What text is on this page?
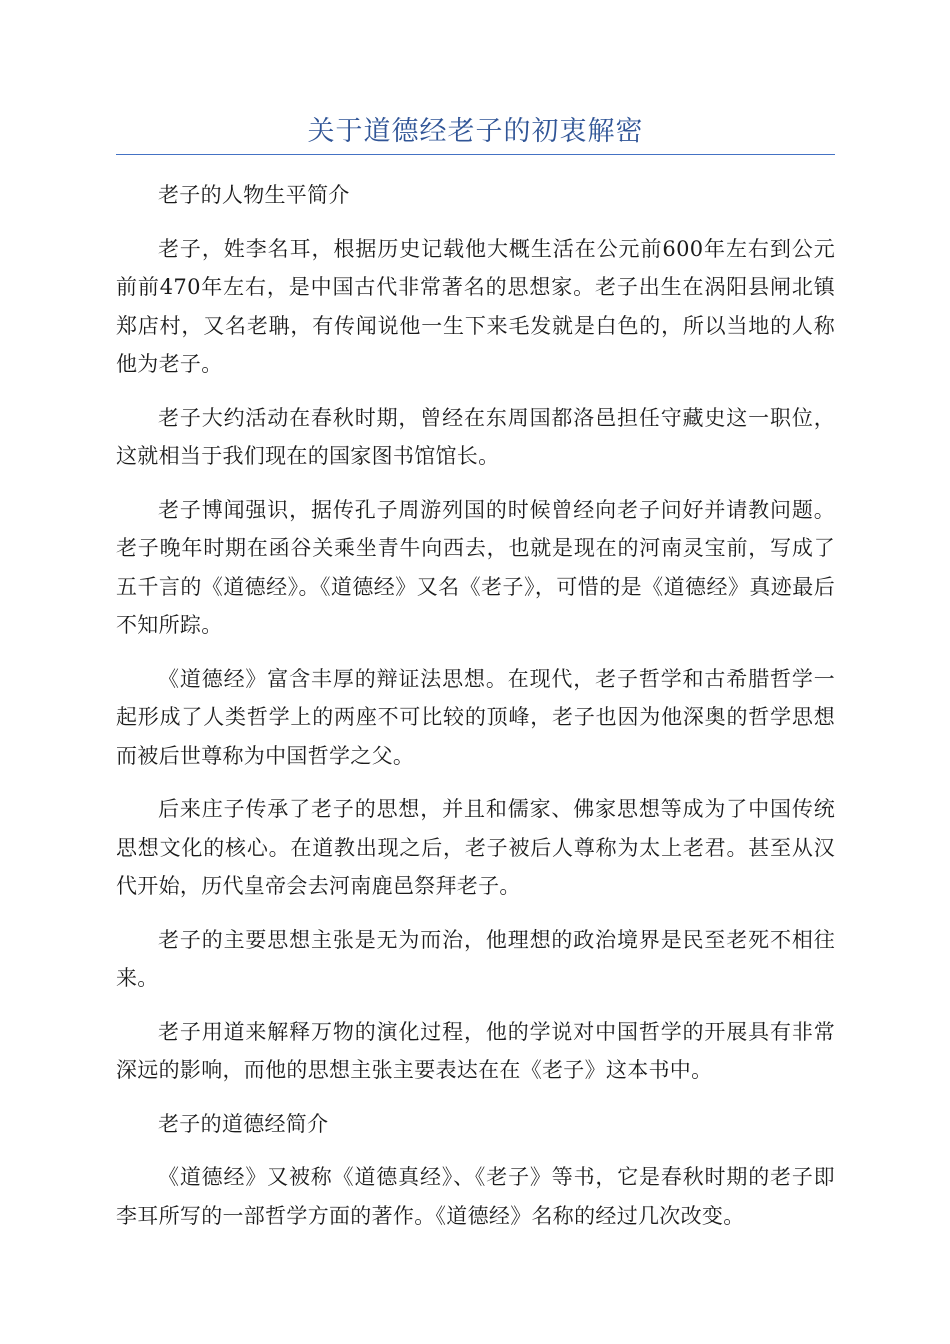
关于道德经老子的初衷解密

老子的人物生平简介

老子，姓李名耳，根据历史记载他大概生活在公元前600年左右到公元前前470年左右，是中国古代非常著名的思想家。老子出生在涡阳县闸北镇郑店村，又名老聃，有传闻说他一生下来毛发就是白色的，所以当地的人称他为老子。

老子大约活动在春秋时期，曾经在东周国都洛邑担任守藏史这一职位，这就相当于我们现在的国家图书馆馆长。

老子博闻强识，据传孔子周游列国的时候曾经向老子问好并请教问题。老子晚年时期在函谷关乘坐青牛向西去，也就是现在的河南灵宝前，写成了五千言的《道德经》。《道德经》又名《老子》，可惜的是《道德经》真迹最后不知所踪。

《道德经》富含丰厚的辩证法思想。在现代，老子哲学和古希腊哲学一起形成了人类哲学上的两座不可比较的顶峰，老子也因为他深奥的哲学思想而被后世尊称为中国哲学之父。

后来庄子传承了老子的思想，并且和儒家、佛家思想等成为了中国传统思想文化的核心。在道教出现之后，老子被后人尊称为太上老君。甚至从汉代开始，历代皇帝会去河南鹿邑祭拜老子。

老子的主要思想主张是无为而治，他理想的政治境界是民至老死不相往来。

老子用道来解释万物的演化过程，他的学说对中国哲学的开展具有非常深远的影响，而他的思想主张主要表达在在《老子》这本书中。

老子的道德经简介

《道德经》又被称《道德真经》、《老子》等书，它是春秋时期的老子即李耳所写的一部哲学方面的著作。《道德经》名称的经过几次改变。
